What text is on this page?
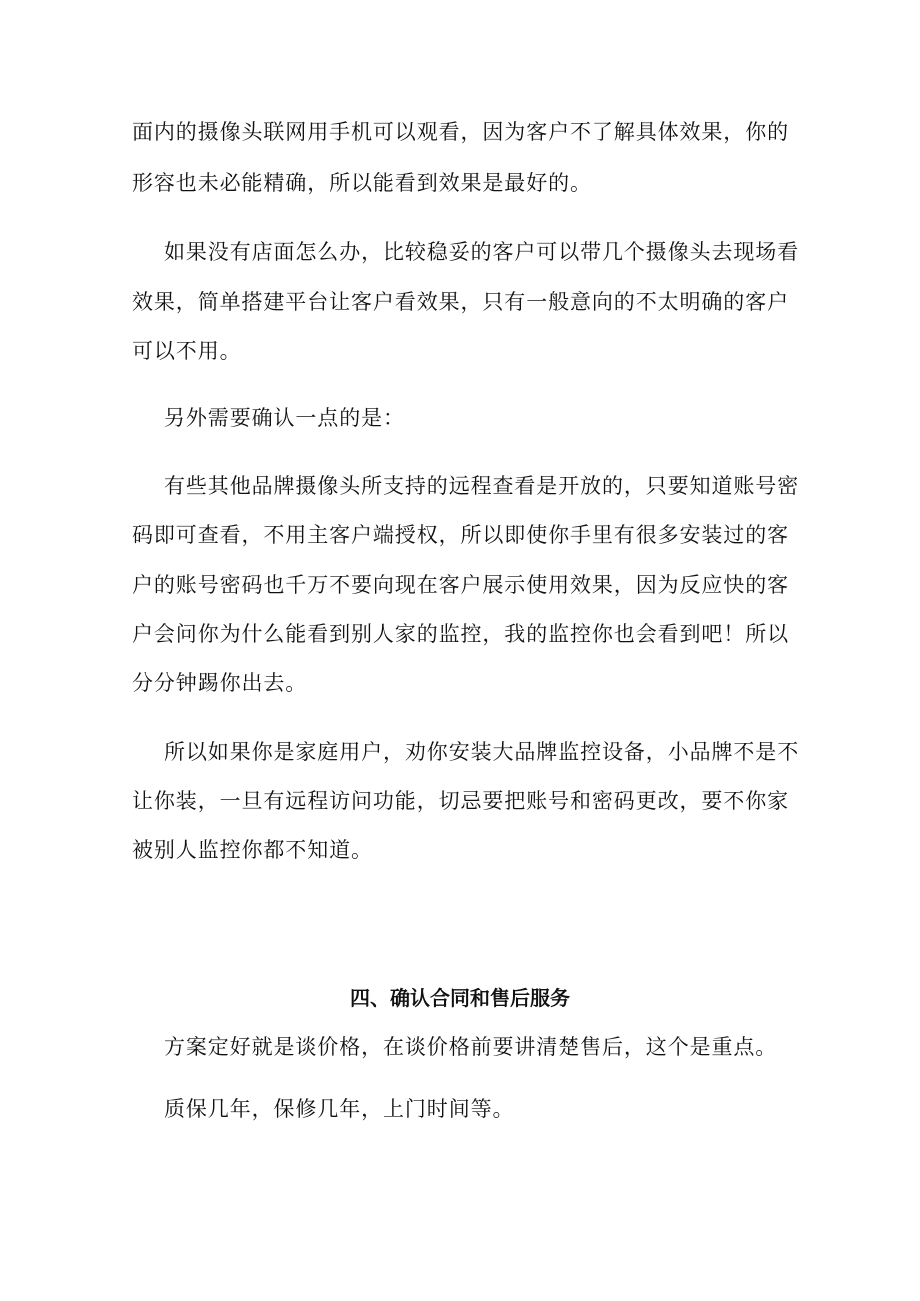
面内的摄像头联网用手机可以观看，因为客户不了解具体效果，你的
形容也未必能精确，所以能看到效果是最好的。
如果没有店面怎么办，比较稳妥的客户可以带几个摄像头去现场看
效果，简单搭建平台让客户看效果，只有一般意向的不太明确的客户
可以不用。
另外需要确认一点的是：
有些其他品牌摄像头所支持的远程查看是开放的，只要知道账号密
码即可查看，不用主客户端授权，所以即使你手里有很多安装过的客
户的账号密码也千万不要向现在客户展示使用效果，因为反应快的客
户会问你为什么能看到别人家的监控，我的监控你也会看到吧！所以
分分钟踢你出去。
所以如果你是家庭用户，劝你安装大品牌监控设备，小品牌不是不
让你装，一旦有远程访问功能，切忌要把账号和密码更改，要不你家
被别人监控你都不知道。
四、确认合同和售后服务
方案定好就是谈价格，在谈价格前要讲清楚售后，这个是重点。
质保几年，保修几年，上门时间等。
